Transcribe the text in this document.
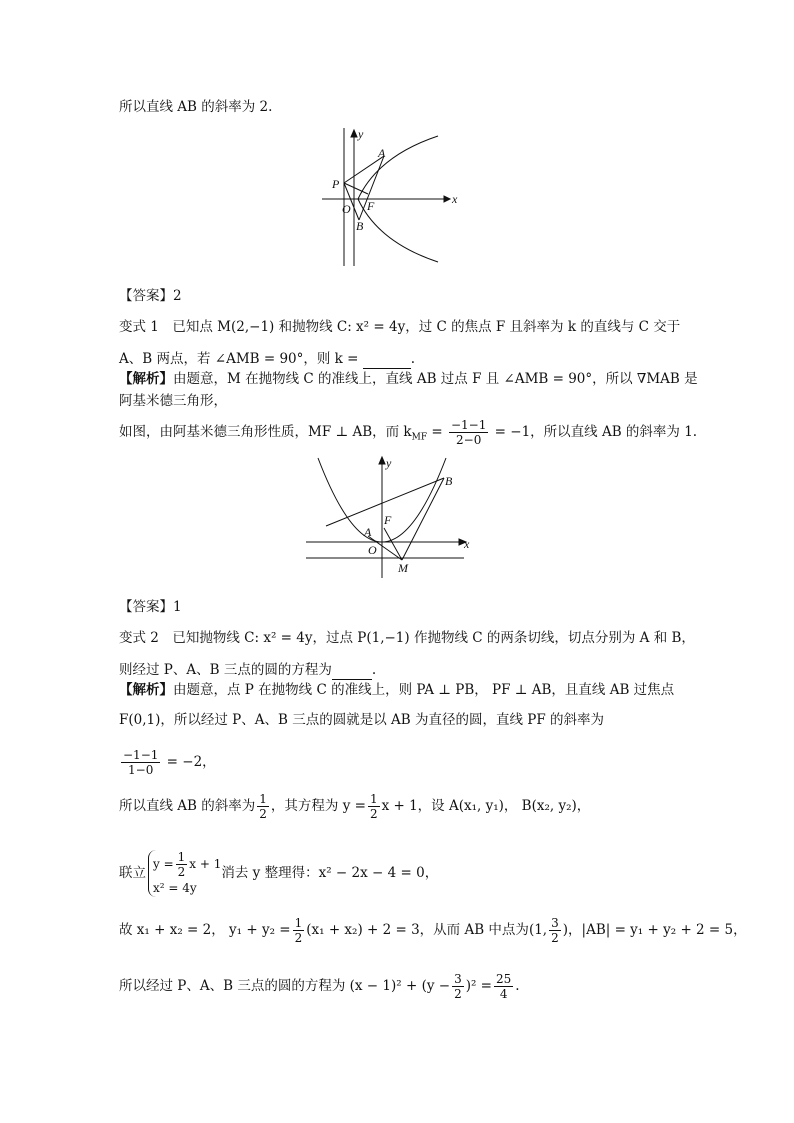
所以直线 AB 的斜率为 2.
y
x
A
P
O F
B
【答案】2
变式 1　已知点 M(2,−1) 和抛物线 C: x² = 4y，过 C 的焦点 F 且斜率为 k 的直线与 C 交于
A、B 两点，若 ∠AMB = 90°，则 k =	.
【解析】由题意，M 在抛物线 C 的准线上，直线 AB 过点 F 且 ∠AMB = 90°，所以 ∇MAB 是
阿基米德三角形，
如图，由阿基米德三角形性质，MF ⊥ AB，而 $k_{MF} = \frac{-1-1}{2-0} = -1$，所以直线 AB 的斜率为 1.
y
x
B
F
A
O
M
【答案】1
变式 2　已知抛物线 C: x² = 4y，过点 P(1,−1) 作抛物线 C 的两条切线，切点分别为 A 和 B，
则经过 P、A、B 三点的圆的方程为	.
【解析】由题意，点 P 在抛物线 C 的准线上，则 PA ⊥ PB， PF ⊥ AB，且直线 AB 过焦点
F(0,1)，所以经过 P、A、B 三点的圆就是以 AB 为直径的圆，直线 PF 的斜率为
$\frac{-1-1}{1-0} = -2$，
所以直线 AB 的斜率为 $\frac{1}{2}$ ，其方程为 $y = \frac{1}{2}$ x + 1，设 A(x₁, y₁)， B(x₂, y₂)，
联立
$y = \frac{1}{2}$ x + 1
x² = 4y
消去 y 整理得：x² − 2x − 4 = 0，
故 x₁ + x₂ = 2， $y_1 + y_2 = \frac{1}{2} (x_1 + x_2) + 2 = 3$，从而 AB 中点为(1, $\frac{3}{2}$ )，|AB| = y₁ + y₂ + 2 = 5，
所以经过 P、A、B 三点的圆的方程为 $(x - 1)^2 + (y - \frac{3}{2} )^2 = \frac{25}{4}$ .
